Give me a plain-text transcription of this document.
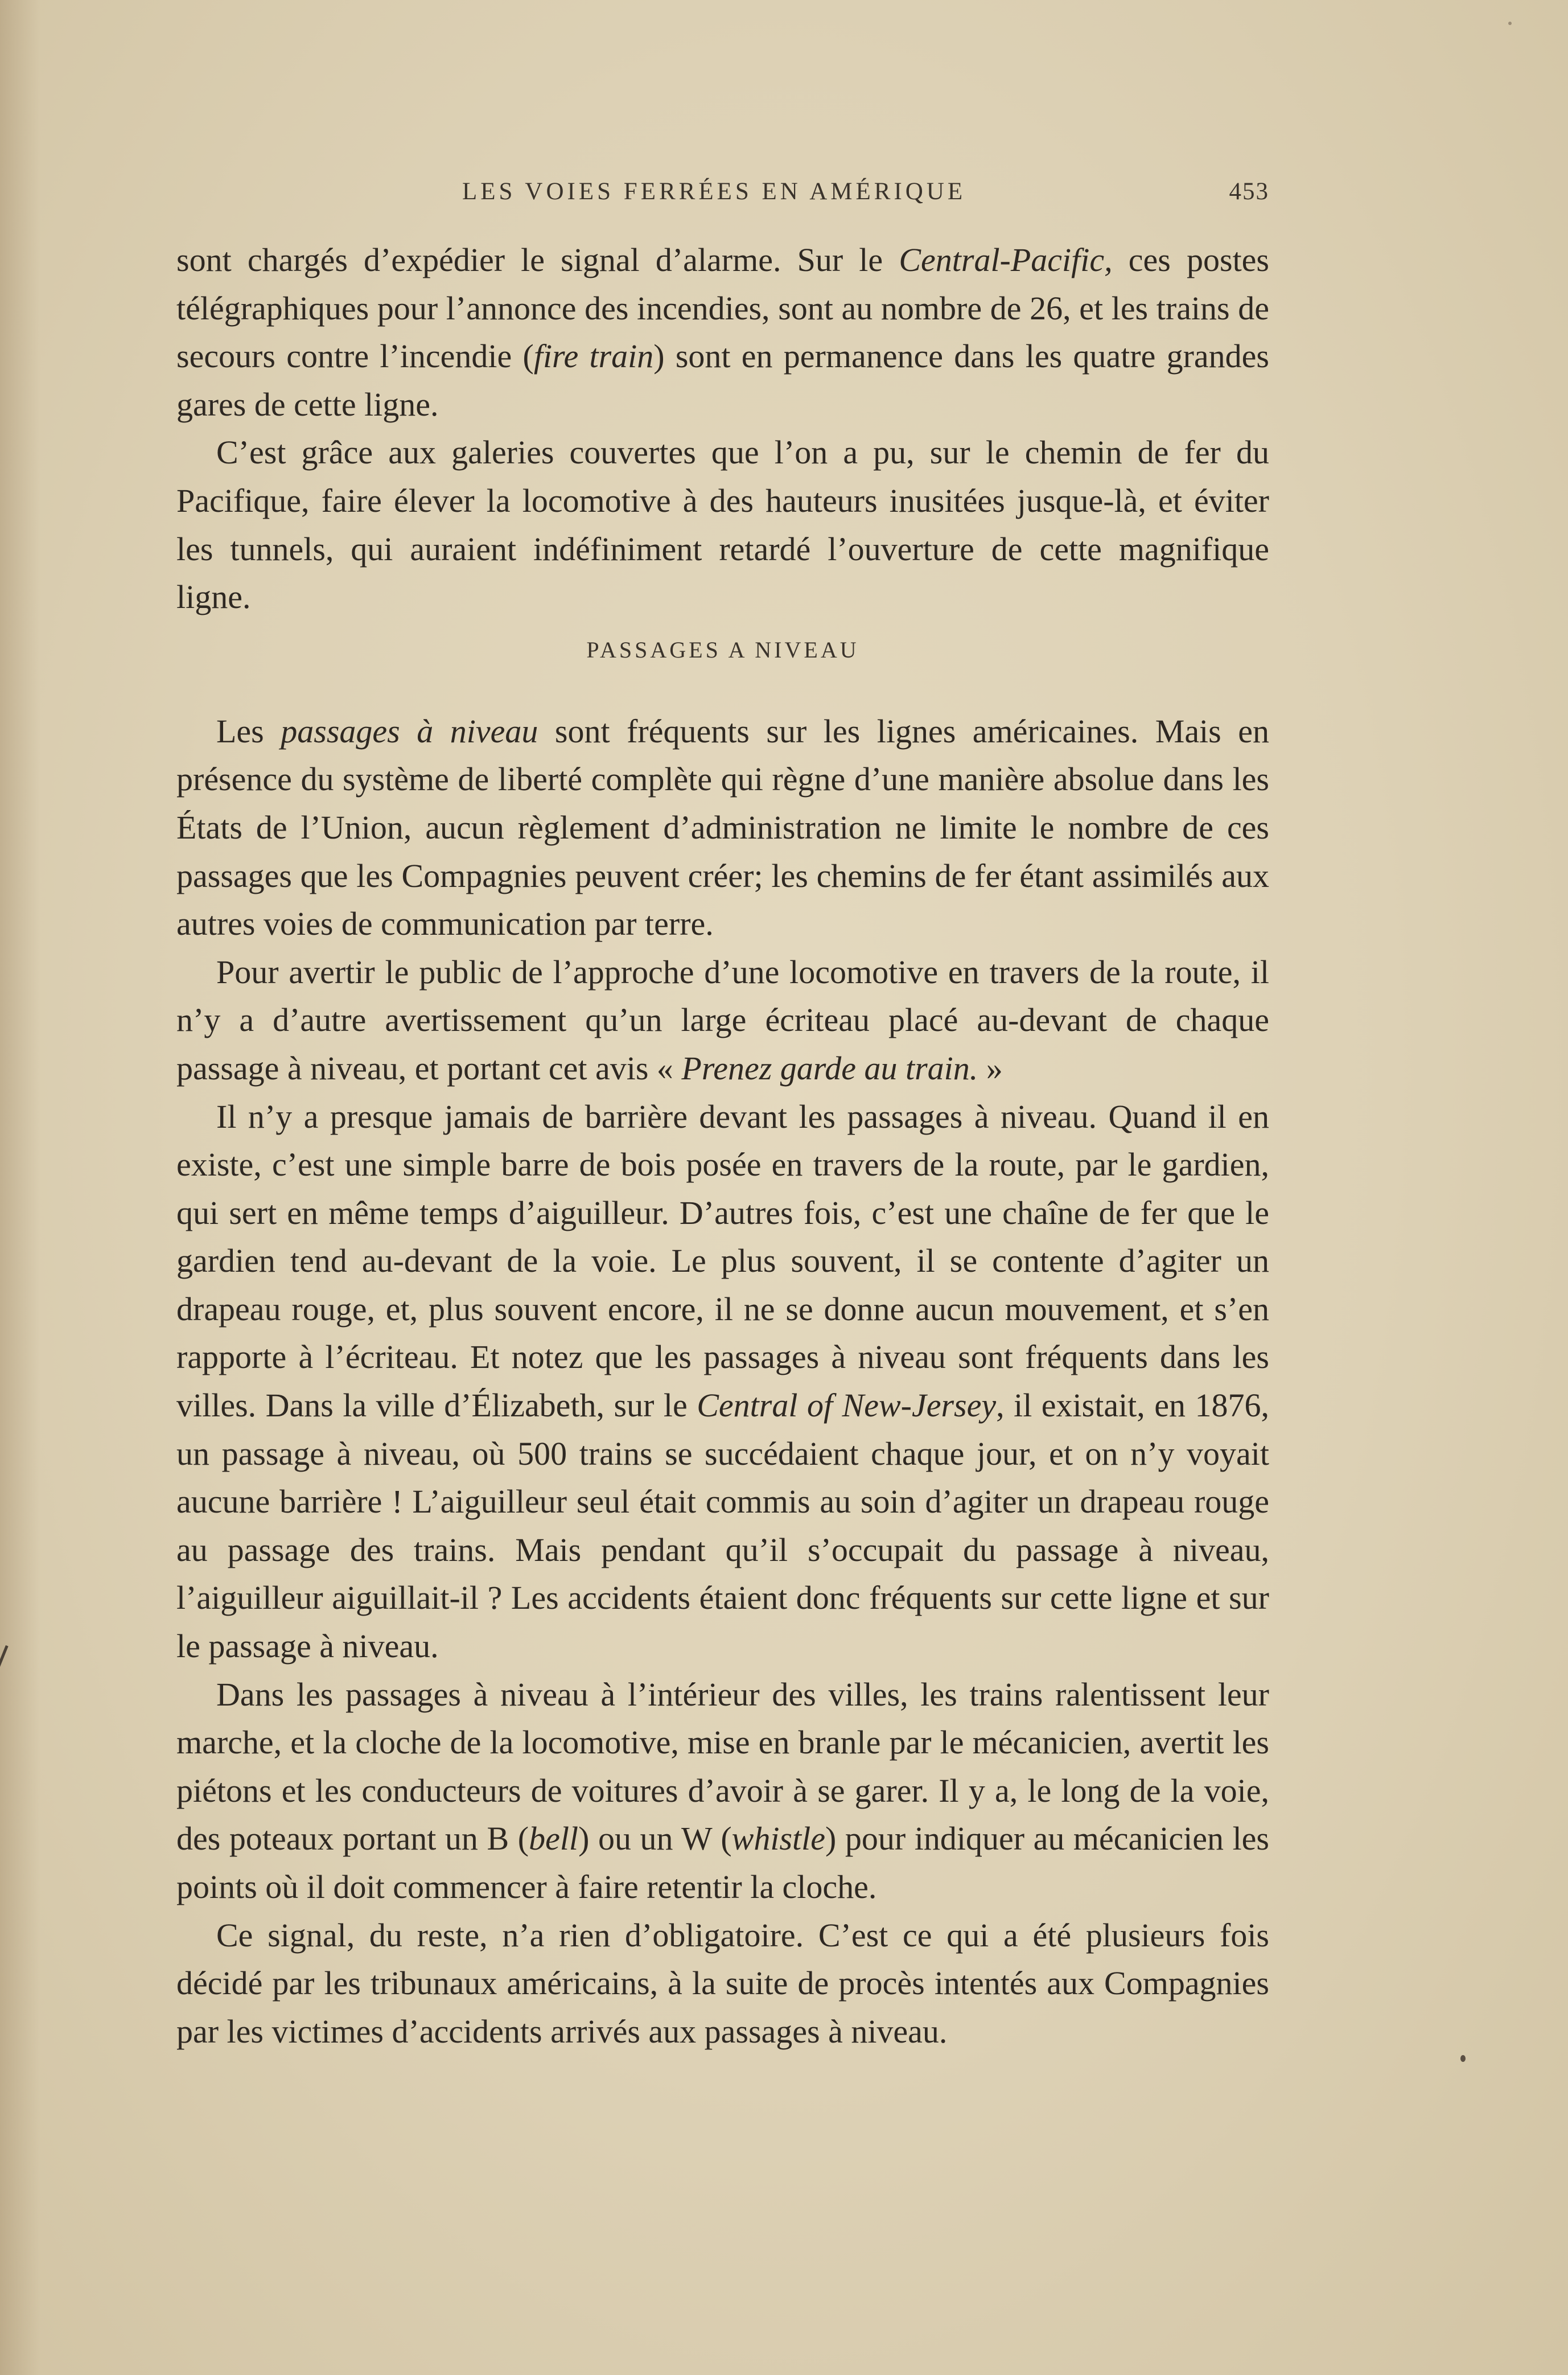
LES VOIES FERRÉES EN AMÉRIQUE	453

sont chargés d’expédier le signal d’alarme. Sur le Central-Pacific, ces postes télégraphiques pour l’annonce des incendies, sont au nombre de 26, et les trains de secours contre l’incendie (fire train) sont en permanence dans les quatre grandes gares de cette ligne.

C’est grâce aux galeries couvertes que l’on a pu, sur le chemin de fer du Pacifique, faire élever la locomotive à des hauteurs inusitées jusque-là, et éviter les tunnels, qui auraient indéfiniment retardé l’ouverture de cette magnifique ligne.

PASSAGES A NIVEAU

Les passages à niveau sont fréquents sur les lignes américaines. Mais en présence du système de liberté complète qui règne d’une manière absolue dans les États de l’Union, aucun règlement d’administration ne limite le nombre de ces passages que les Compagnies peuvent créer; les chemins de fer étant assimilés aux autres voies de communication par terre.

Pour avertir le public de l’approche d’une locomotive en travers de la route, il n’y a d’autre avertissement qu’un large écriteau placé au-devant de chaque passage à niveau, et portant cet avis « Prenez garde au train. »

Il n’y a presque jamais de barrière devant les passages à niveau. Quand il en existe, c’est une simple barre de bois posée en travers de la route, par le gardien, qui sert en même temps d’aiguilleur. D’autres fois, c’est une chaîne de fer que le gardien tend au-devant de la voie. Le plus souvent, il se contente d’agiter un drapeau rouge, et, plus souvent encore, il ne se donne aucun mouvement, et s’en rapporte à l’écriteau. Et notez que les passages à niveau sont fréquents dans les villes. Dans la ville d’Élizabeth, sur le Central of New-Jersey, il existait, en 1876, un passage à niveau, où 500 trains se succédaient chaque jour, et on n’y voyait aucune barrière ! L’aiguilleur seul était commis au soin d’agiter un drapeau rouge au passage des trains. Mais pendant qu’il s’occupait du passage à niveau, l’aiguilleur aiguillait-il ? Les accidents étaient donc fréquents sur cette ligne et sur le passage à niveau.

Dans les passages à niveau à l’intérieur des villes, les trains ralentissent leur marche, et la cloche de la locomotive, mise en branle par le mécanicien, avertit les piétons et les conducteurs de voitures d’avoir à se garer. Il y a, le long de la voie, des poteaux portant un B (bell) ou un W (whistle) pour indiquer au mécanicien les points où il doit commencer à faire retentir la cloche.

Ce signal, du reste, n’a rien d’obligatoire. C’est ce qui a été plusieurs fois décidé par les tribunaux américains, à la suite de procès intentés aux Compagnies par les victimes d’accidents arrivés aux passages à niveau.
